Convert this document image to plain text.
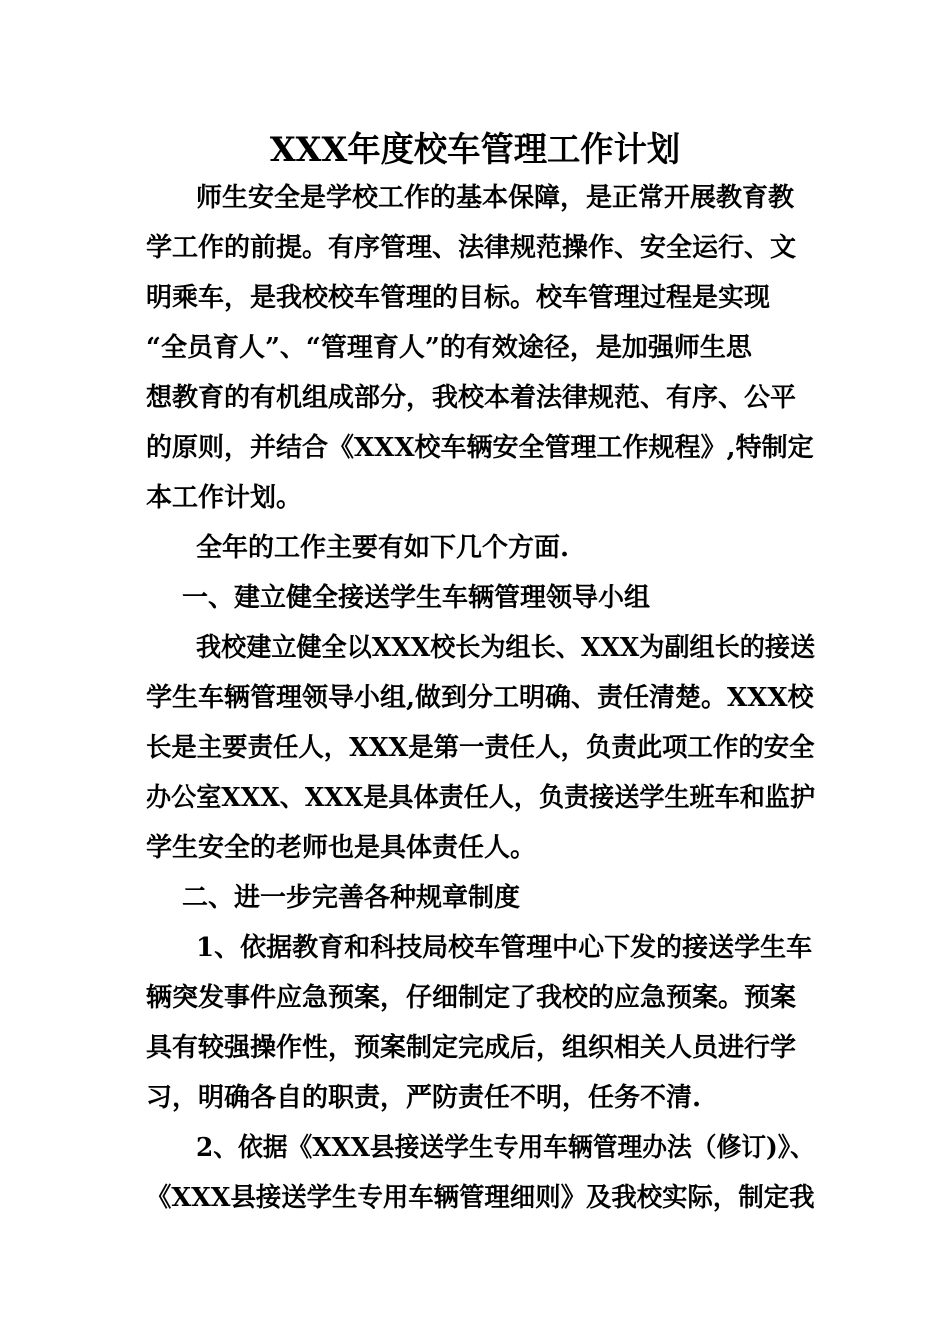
XXX年度校车管理工作计划
师生安全是学校工作的基本保障，是正常开展教育教
学工作的前提。有序管理、法律规范操作、安全运行、文
明乘车，是我校校车管理的目标。校车管理过程是实现
“全员育人”、“管理育人”的有效途径，是加强师生思
想教育的有机组成部分，我校本着法律规范、有序、公平
的原则，并结合《XXX校车辆安全管理工作规程》,特制定
本工作计划。
全年的工作主要有如下几个方面.
一、建立健全接送学生车辆管理领导小组
我校建立健全以XXX校长为组长、XXX为副组长的接送
学生车辆管理领导小组,做到分工明确、责任清楚。XXX校
长是主要责任人，XXX是第一责任人，负责此项工作的安全
办公室XXX、XXX是具体责任人，负责接送学生班车和监护
学生安全的老师也是具体责任人。
二、进一步完善各种规章制度
1、依据教育和科技局校车管理中心下发的接送学生车
辆突发事件应急预案，仔细制定了我校的应急预案。预案
具有较强操作性，预案制定完成后，组织相关人员进行学
习，明确各自的职责，严防责任不明，任务不清.
2、依据《XXX县接送学生专用车辆管理办法（修订)》、
《XXX县接送学生专用车辆管理细则》及我校实际，制定我
